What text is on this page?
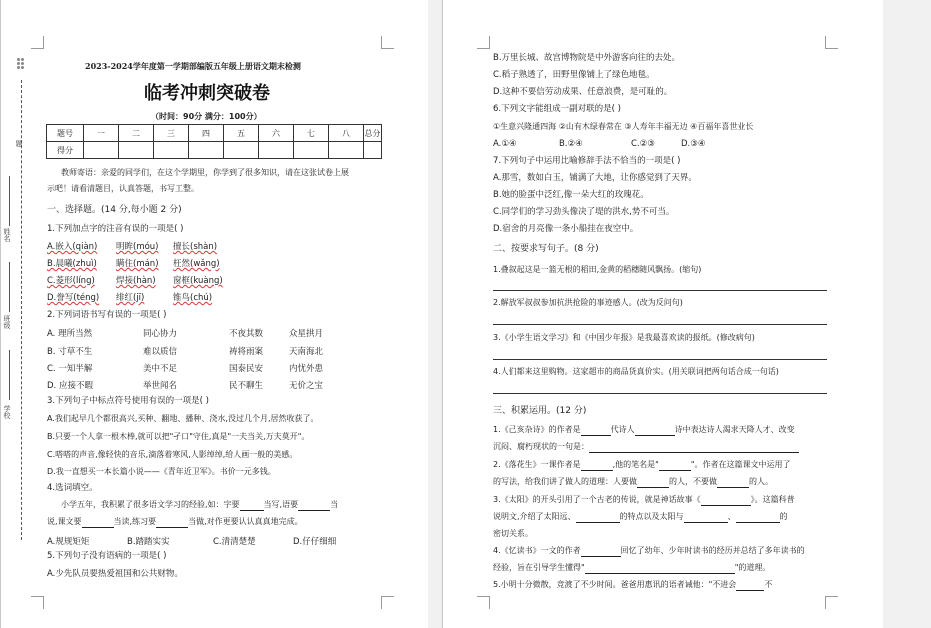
题
姓名
班级
学校
2023-2024学年度第一学期部编版五年级上册语文期末检测
临考冲刺突破卷
（时间：90分 满分：100分）
题号	一	二	三	四	五	六	七	八	总分
得分									
教师寄语：亲爱的同学们，在这个学期里，你学到了很多知识，请在这张试卷上展
示吧！请看清题目，认真答题，书写工整。
一、选择题。(14 分,每小题 2 分)
1.下列加点字的注音有误的一项是( )
A.嵌入(qiàn) 明眸(móu) 擅长(shàn)
B.晨曦(zhuì) 瞒住(mán) 枉然(wǎng)
C.菱形(líng) 焊接(hàn) 窗框(kuàng)
D.誊写(téng) 绯红(jī)	锥鸟(chú)
2.下列词语书写有误的一项是( )
A. 理所当然	同心协力	不夜其数	众星拱月
B. 寸草不生	难以质信	祷将雨案	天南海北
C. 一知半解	美中不足	国泰民安	内忧外患
D. 应接不暇	举世闻名	民不聊生	无价之宝
3.下列句子中标点符号使用有误的一项是( )
A.我们起早几个都很高兴,买种、翻地、播种、浇水,没过几个月,居然收获了。
B.只要一个人拿一根木棒,就可以把"孑口"守住,真是"一夫当关,万夫莫开"。
C.嗒嗒的声音,像轻快的音乐,滴落着寒风,人影绰绰,给人画一般的美感。
D.我一直想买一本长篇小说——《青年近卫军》。书价一元多钱。
4.选词填空。
小学五年，我积累了很多语文学习的经验,如：字要	当写,语要	当
说,课文要	当读,练习要	当做,对作更要认认真真地完成。
A.规规矩矩	B.踏踏实实	C.清清楚楚	D.仔仔细细
5.下列句子没有语病的一项是( )
A.少先队员要热爱祖国和公共财物。
B.万里长城、故宫博物院是中外游客向往的去处。
C.稻子熟透了，田野里像铺上了绿色地毯。
D.这种不要信劳动成果、任意浪费，是可耻的。
6.下列文字能组成一副对联的是( )
①生意兴隆通四海 ②山有木绿春常在 ③人寿年丰福无边 ④百福年喜世业长
A.①④	B.②④	C.②③	D.③④
7.下列句子中运用比喻修辞手法不恰当的一项是( )
A.那雪，数如白玉，铺满了大地，让你感觉到了天界。
B.她的脸蛋中泛红,像一朵大红的玫瑰花。
C.同学们的学习劲头像决了堤的洪水,势不可当。
D.宿舍的月亮像一条小船挂在夜空中。
二、按要求写句子。(8 分)
1.叠叙起这是一篮无根的稻田,金黄的稻穗随风飘扬。(缩句)
2.解放军叔叔参加抗洪抢险的事迹感人。(改为反问句)
3.《小学生语文学习》和《中国少年报》是我最喜欢读的报纸。(修改病句)
4.人们都来这里购物。这家超市的商品货真价实。(用关联词把两句话合成一句话)
三、积累运用。(12 分)
1.《己亥杂诗》的作者是	代诗人	诗中表达诗人渴求天降人才、改变
沉闷、腐朽现状的一句是：
2.《落花生》一课作者是	,他的笔名是"	"。作者在这篇课文中运用了
的写法，给我们讲了做人的道理：人要做	的人，不要做	的人。
3.《太阳》的开头引用了一个古老的传说，就是神话故事《	》。这篇科普
说明文,介绍了太阳远、	的特点以及太阳与	、	的
密切关系。
4.《忆读书》一文的作者	回忆了幼年、少年时读书的经历并总结了多年读书的
经验，旨在引导学生懂得"	"的道理。
5.小明十分微散，竞渡了不少时间。爸爸用惠讯的语者诫他："不进会	不
